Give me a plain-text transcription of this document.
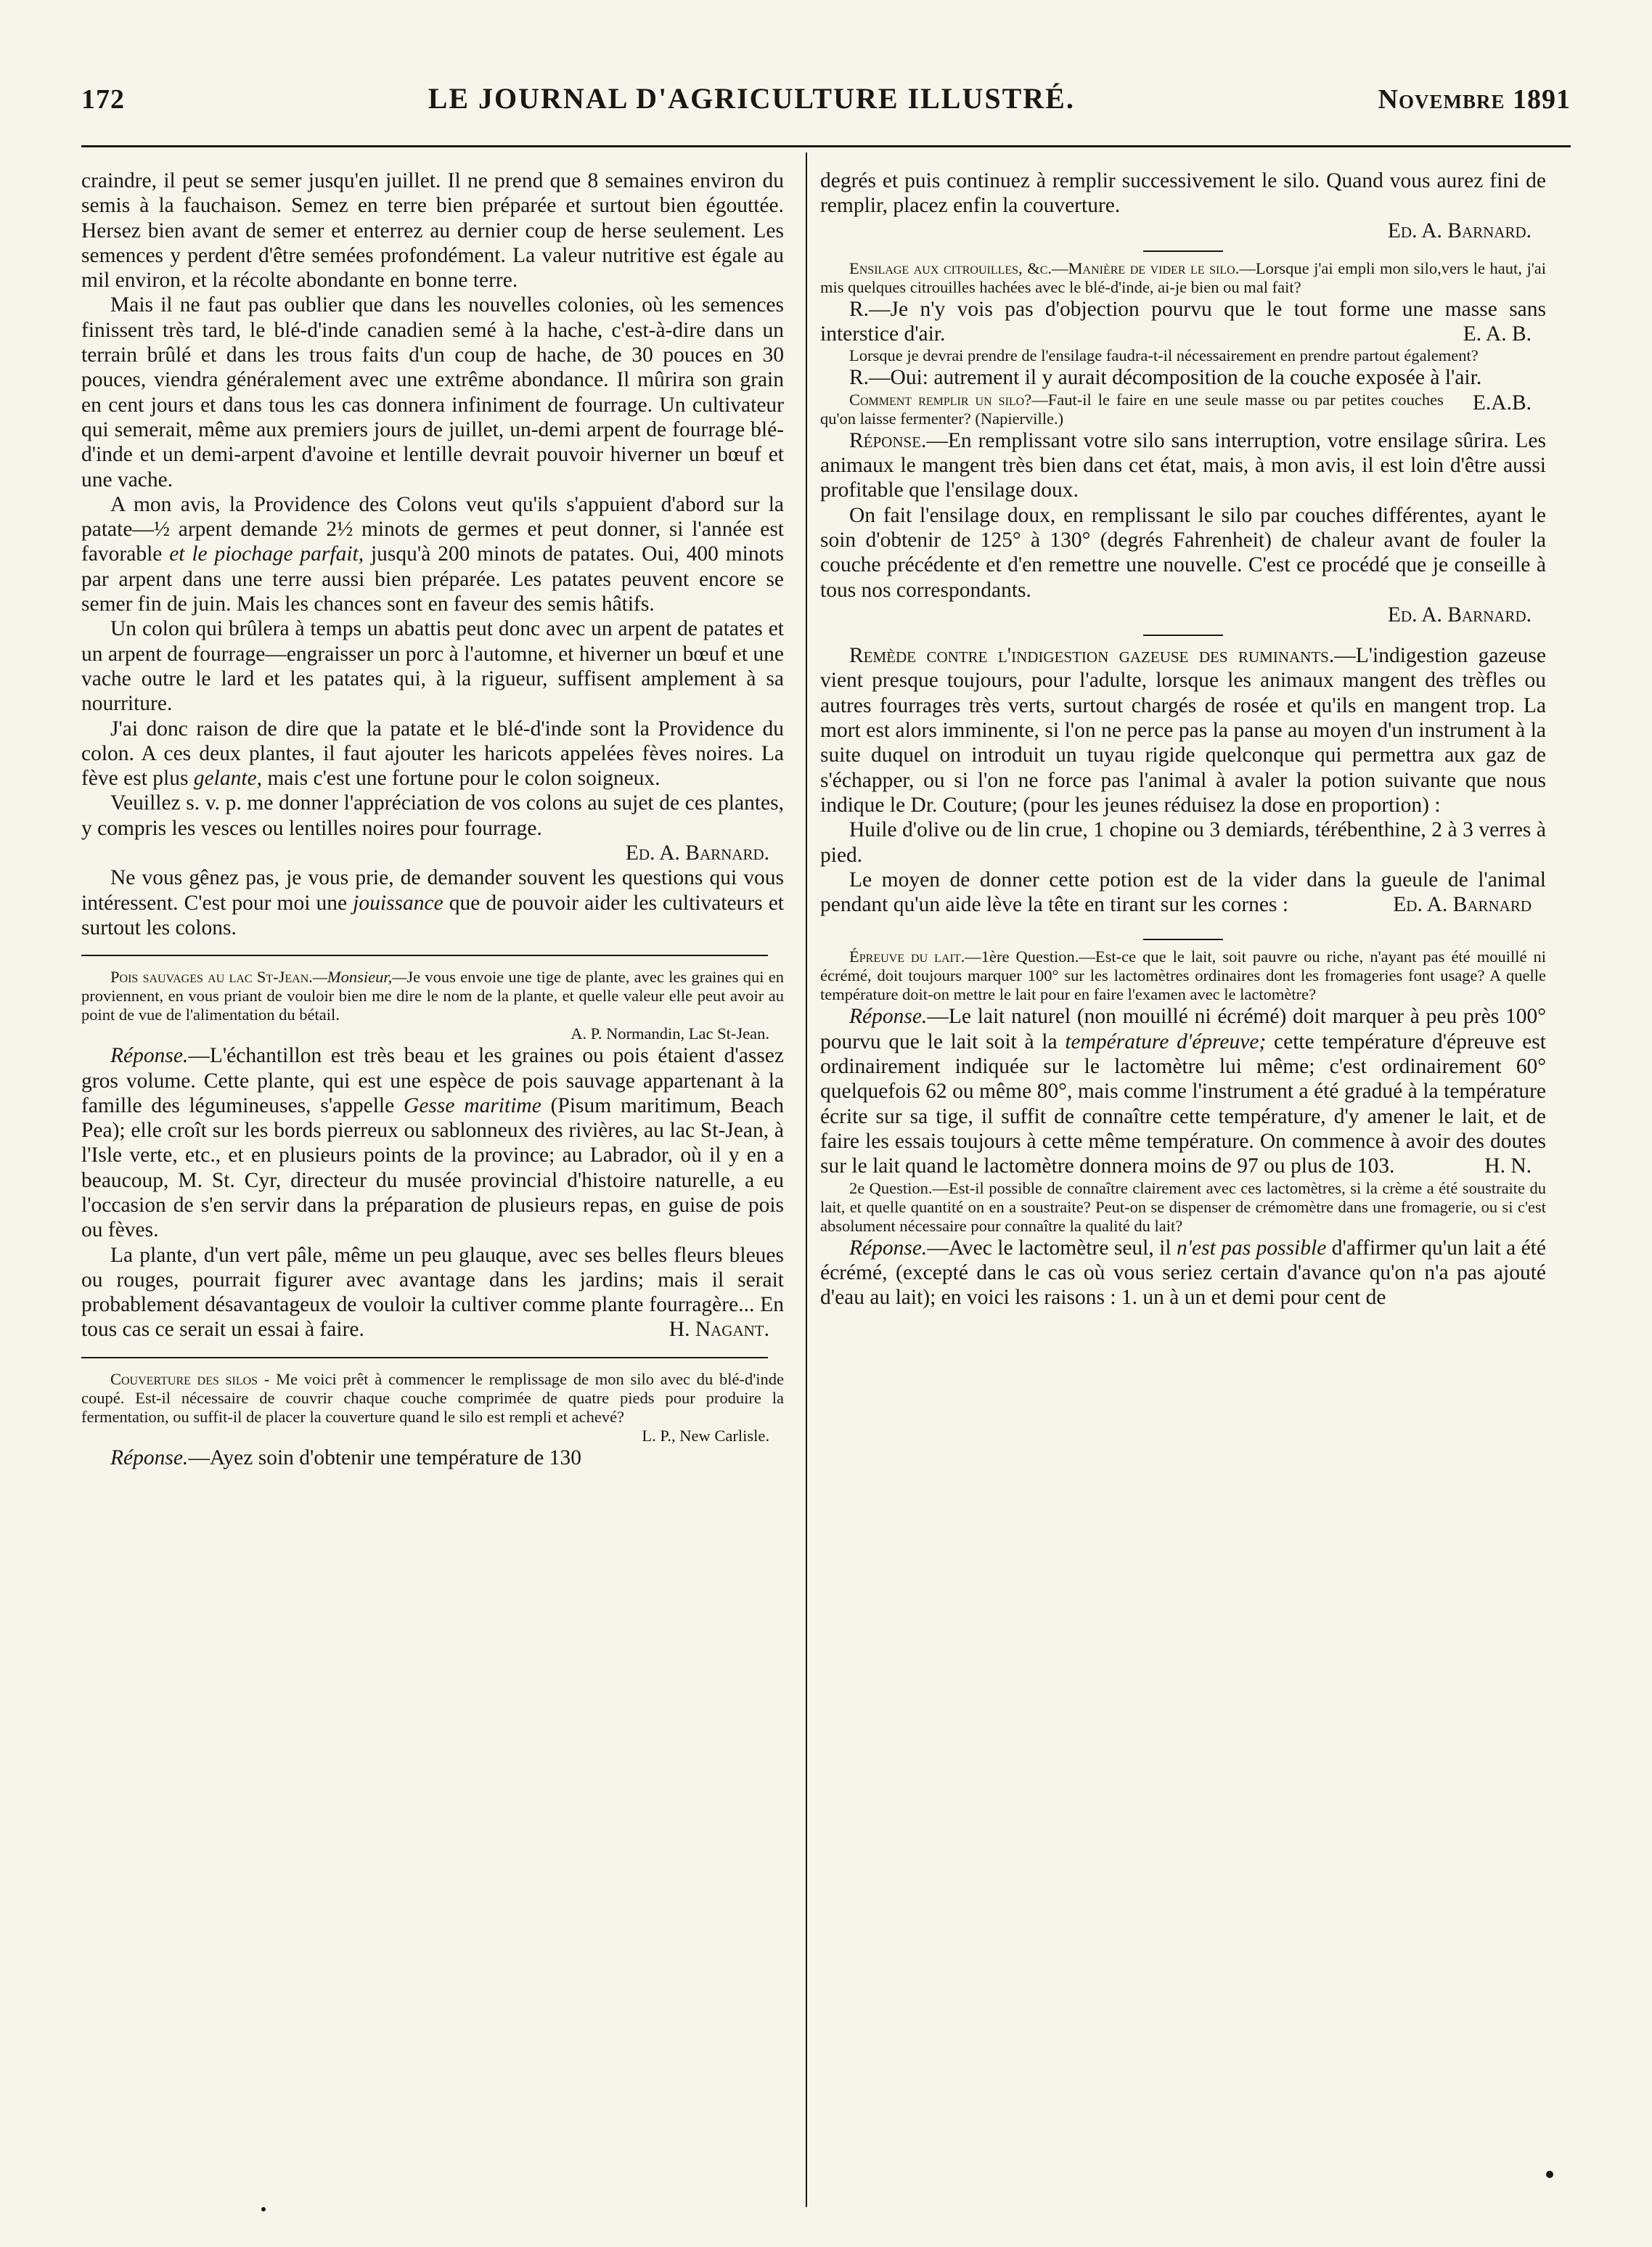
172	LE JOURNAL D'AGRICULTURE ILLUSTRÉ.	Novembre 1891

craindre, il peut se semer jusqu'en juillet. Il ne prend que 8 semaines environ du semis à la fauchaison. Semez en terre bien préparée et surtout bien égouttée. Hersez bien avant de semer et enterrez au dernier coup de herse seulement. Les semences y perdent d'être semées profondément. La valeur nutritive est égale au mil environ, et la récolte abondante en bonne terre.

Mais il ne faut pas oublier que dans les nouvelles colonies, où les semences finissent très tard, le blé-d'inde canadien semé à la hache, c'est-à-dire dans un terrain brûlé et dans les trous faits d'un coup de hache, de 30 pouces en 30 pouces, viendra généralement avec une extrême abondance. Il mûrira son grain en cent jours et dans tous les cas donnera infiniment de fourrage. Un cultivateur qui semerait, même aux premiers jours de juillet, un-demi arpent de fourrage blé-d'inde et un demi-arpent d'avoine et lentille devrait pouvoir hiverner un bœuf et une vache.

A mon avis, la Providence des Colons veut qu'ils s'appuient d'abord sur la patate—½ arpent demande 2½ minots de germes et peut donner, si l'année est favorable et le piochage parfait, jusqu'à 200 minots de patates. Oui, 400 minots par arpent dans une terre aussi bien préparée. Les patates peuvent encore se semer fin de juin. Mais les chances sont en faveur des semis hâtifs.

Un colon qui brûlera à temps un abattis peut donc avec un arpent de patates et un arpent de fourrage—engraisser un porc à l'automne, et hiverner un bœuf et une vache outre le lard et les patates qui, à la rigueur, suffisent amplement à sa nourriture.

J'ai donc raison de dire que la patate et le blé-d'inde sont la Providence du colon. A ces deux plantes, il faut ajouter les haricots appelées fèves noires. La fève est plus gelante, mais c'est une fortune pour le colon soigneux.

Veuillez s. v. p. me donner l'appréciation de vos colons au sujet de ces plantes, y compris les vesces ou lentilles noires pour fourrage.

Ed. A. Barnard.

Ne vous gênez pas, je vous prie, de demander souvent les questions qui vous intéressent. C'est pour moi une jouissance que de pouvoir aider les cultivateurs et surtout les colons.

Pois sauvages au lac St-Jean.—Monsieur,—Je vous envoie une tige de plante, avec les graines qui en proviennent, en vous priant de vouloir bien me dire le nom de la plante, et quelle valeur elle peut avoir au point de vue de l'alimentation du bétail.

A. P. Normandin, Lac St-Jean.

Réponse.—L'échantillon est très beau et les graines ou pois étaient d'assez gros volume. Cette plante, qui est une espèce de pois sauvage appartenant à la famille des légumineuses, s'appelle Gesse maritime (Pisum maritimum, Beach Pea); elle croît sur les bords pierreux ou sablonneux des rivières, au lac St-Jean, à l'Isle verte, etc., et en plusieurs points de la province; au Labrador, où il y en a beaucoup, M. St. Cyr, directeur du musée provincial d'histoire naturelle, a eu l'occasion de s'en servir dans la préparation de plusieurs repas, en guise de pois ou fèves.

La plante, d'un vert pâle, même un peu glauque, avec ses belles fleurs bleues ou rouges, pourrait figurer avec avantage dans les jardins; mais il serait probablement désavantageux de vouloir la cultiver comme plante fourragère... En tous cas ce serait un essai à faire.	H. Nagant.

Couverture des silos - Me voici prêt à commencer le remplissage de mon silo avec du blé-d'inde coupé. Est-il nécessaire de couvrir chaque couche comprimée de quatre pieds pour produire la fermentation, ou suffit-il de placer la couverture quand le silo est rempli et achevé?

L. P., New Carlisle.

Réponse.—Ayez soin d'obtenir une température de 130

degrés et puis continuez à remplir successivement le silo. Quand vous aurez fini de remplir, placez enfin la couverture.

Ed. A. Barnard.

Ensilage aux citrouilles, &c.—Manière de vider le silo.—Lorsque j'ai empli mon silo,vers le haut, j'ai mis quelques citrouilles hachées avec le blé-d'inde, ai-je bien ou mal fait?

R.—Je n'y vois pas d'objection pourvu que le tout forme une masse sans interstice d'air.	E. A. B.

Lorsque je devrai prendre de l'ensilage faudra-t-il nécessairement en prendre partout également?

R.—Oui: autrement il y aurait décomposition de la couche exposée à l'air.
E.A.B.

Comment remplir un silo?—Faut-il le faire en une seule masse ou par petites couches qu'on laisse fermenter? (Napierville.)

Réponse.—En remplissant votre silo sans interruption, votre ensilage sûrira. Les animaux le mangent très bien dans cet état, mais, à mon avis, il est loin d'être aussi profitable que l'ensilage doux.

On fait l'ensilage doux, en remplissant le silo par couches différentes, ayant le soin d'obtenir de 125° à 130° (degrés Fahrenheit) de chaleur avant de fouler la couche précédente et d'en remettre une nouvelle. C'est ce procédé que je conseille à tous nos correspondants.

Ed. A. Barnard.

Remède contre l'indigestion gazeuse des ruminants.—L'indigestion gazeuse vient presque toujours, pour l'adulte, lorsque les animaux mangent des trèfles ou autres fourrages très verts, surtout chargés de rosée et qu'ils en mangent trop. La mort est alors imminente, si l'on ne perce pas la panse au moyen d'un instrument à la suite duquel on introduit un tuyau rigide quelconque qui permettra aux gaz de s'échapper, ou si l'on ne force pas l'animal à avaler la potion suivante que nous indique le Dr. Couture; (pour les jeunes réduisez la dose en proportion) :

Huile d'olive ou de lin crue, 1 chopine ou 3 demiards, térébenthine, 2 à 3 verres à pied.

Le moyen de donner cette potion est de la vider dans la gueule de l'animal pendant qu'un aide lève la tête en tirant sur les cornes :	Ed. A. Barnard

Épreuve du lait.—1ère Question.—Est-ce que le lait, soit pauvre ou riche, n'ayant pas été mouillé ni écrémé, doit toujours marquer 100° sur les lactomètres ordinaires dont les fromageries font usage? A quelle température doit-on mettre le lait pour en faire l'examen avec le lactomètre?

Réponse.—Le lait naturel (non mouillé ni écrémé) doit marquer à peu près 100° pourvu que le lait soit à la température d'épreuve; cette température d'épreuve est ordinairement indiquée sur le lactomètre lui même; c'est ordinairement 60° quelquefois 62 ou même 80°, mais comme l'instrument a été gradué à la température écrite sur sa tige, il suffit de connaître cette température, d'y amener le lait, et de faire les essais toujours à cette même température. On commence à avoir des doutes sur le lait quand le lactomètre donnera moins de 97 ou plus de 103.	H. N.

2e Question.—Est-il possible de connaître clairement avec ces lactomètres, si la crème a été soustraite du lait, et quelle quantité on en a soustraite? Peut-on se dispenser de crémomètre dans une fromagerie, ou si c'est absolument nécessaire pour connaître la qualité du lait?

Réponse.—Avec le lactomètre seul, il n'est pas possible d'affirmer qu'un lait a été écrémé, (excepté dans le cas où vous seriez certain d'avance qu'on n'a pas ajouté d'eau au lait); en voici les raisons : 1. un à un et demi pour cent de
